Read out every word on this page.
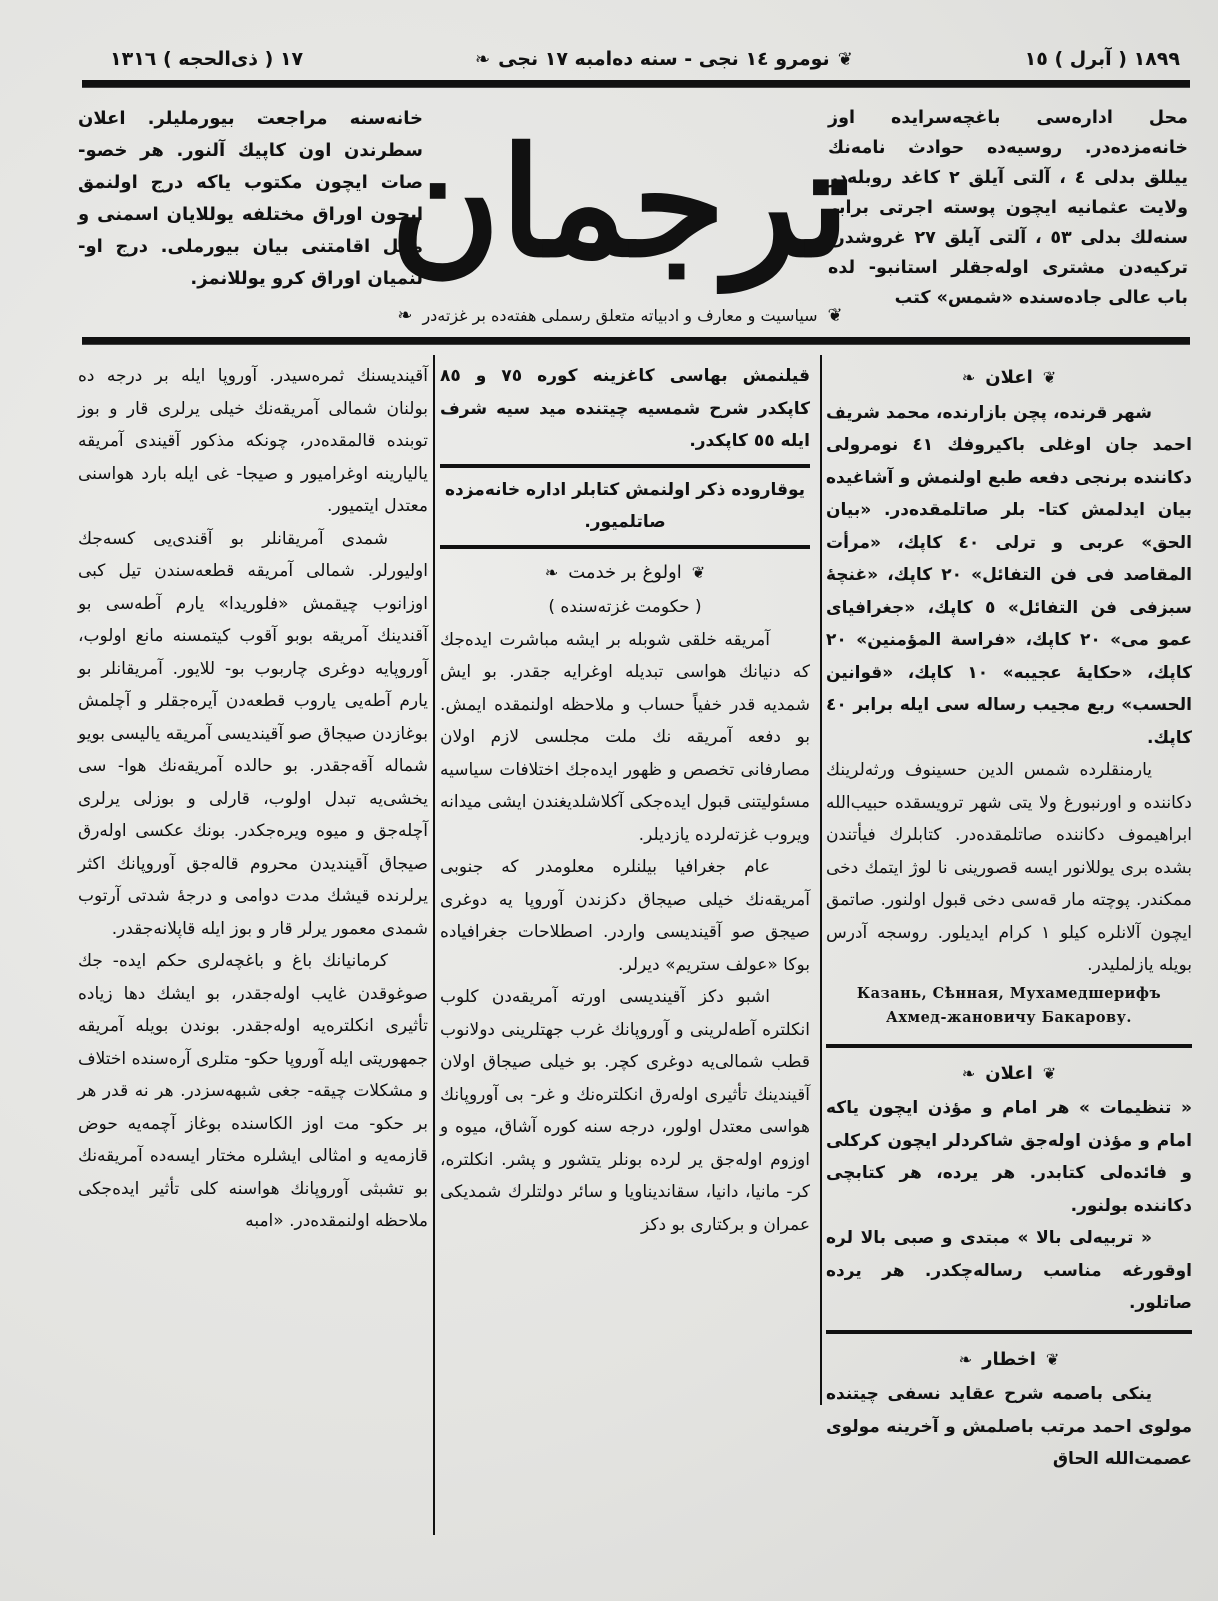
١٨٩٩ ( آبرل ) ١٥
❦
نومرو ١٤ نجی - سنه ده‌امبه ١٧ نجی
❧
١٧ ( ذی‌الحجه ) ١٣١٦
محل اداره‌سی باغچه‌سرایده اوز خانه‌مزده‌در. روسیه‌ده حوادث نامه‌نك ییللق بدلی ٤ ، آلتی آیلق ٢ کاغد روبله‌در ولایت عثمانیه ایچون پوسته اجرتی برابر سنه‌لك بدلی ٥٣ ، آلتی آیلق ٢٧ غروشدر. ترکیه‌دن مشتری اوله‌جقلر استانبو- لده باب عالی جاده‌سنده «شمس» کتب
خانه‌سنه مراجعت بیورملیلر. اعلان سطرندن اون کاپیك آلنور. هر خصو- صات ایچون مکتوب یاکه درج اولنمق ایچون اوراق مختلفه یوللایان اسمنی و محل اقامتنی بیان بیورملی. درج او- لنمیان اوراق کرو یوللانمز.
ترجمان
❦
سیاسیت و معارف و ادبیاته متعلق رسملی هفته‌ده بر غزته‌در
❧
❦
اعلان
❧

شهر قرنده، پچن بازارنده، محمد شریف احمد جان اوغلی باکیروفك ٤١ نومرولی دکاننده برنجی دفعه طبع اولنمش و آشاغیده بیان ایدلمش کتا- بلر صاتلمقده‌در. «بیان الحق» عربی و ترلی ٤٠ کاپك، «مرأت المقاصد فی فن التفائل» ٢٠ کاپك، «غنچهٔ سبزفی فن التفائل» ٥ کاپك، «جغرافیای عمو می» ٢٠ کاپك، «فراسة المؤمنین» ٢٠ کاپك، «حکایهٔ عجیبه» ١٠ کاپك، «قوانین الحسب» ربع مجیب رساله سی ایله برابر ٤٠ کاپك.

یارمنقلرده شمس الدین حسینوف ورثه‌لرینك دکاننده و اورنبورغ ولا یتی شهر ترویسقده حبیب‌الله ابراهیموف دکاننده صاتلمقده‌در. کتابلرك فیأتندن بشده بری یوللانور ایسه قصورینی نا لوژ ایتمك دخی ممکندر. پوچته مار قه‌سی دخی قبول اولنور. صاتمق ایچون آلانلره کیلو ١ کرام ایدیلور. روسجه آدرس بویله یازلملیدر.

Казань, Сѣнная, Мухамедшерифъ Ахмед-жановичу Бакарову.
❦
اعلان
❧

« تنظیمات » هر امام و مؤذن ایچون یاکه امام و مؤذن اوله‌جق شاکردلر ایچون کرکلی و فائده‌لی کتابدر. هر یرده، هر کتابچی دکاننده بولنور.

« تربیه‌لی بالا » مبتدی و صبی بالا لره اوقورغه مناسب رساله‌چکدر. هر یرده صاتلور.

❦
اخطار
❧

ینکی باصمه شرح عقاید نسفی چیتنده مولوی احمد مرتب باصلمش و آخرینه مولوی عصمت‌الله الحاق

قیلنمش بهاسی کاغزینه کوره ٧٥ و ٨٥ کاپکدر شرح شمسیه چیتنده مید سیه شرف ایله ٥٥ کاپکدر.

یوقاروده ذکر اولنمش کتابلر اداره خانه‌مزده صاتلمیور.

❦
اولوغ بر خدمت
❧

( حکومت غزته‌سنده )

آمریقه خلقی شوبله بر ایشه مباشرت ایده‌جك که دنیانك هواسی تبدیله اوغرایه جقدر. بو ایش شمدیه قدر خفیاً حساب و ملاحظه اولنمقده ایمش. بو دفعه آمریقه نك ملت مجلسی لازم اولان مصارفانی تخصص و ظهور ایده‌جك اختلافات سیاسیه مسئولیتنی قبول ایده‌جکی آکلاشلدیغندن ایشی میدانه ویروب غزته‌لرده یازدیلر.

عام جغرافیا بیلنلره معلومدر که جنوبی آمریقه‌نك خیلی صیجاق دکزندن آوروپا یه دوغری صیجق صو آقیندیسی واردر. اصطلاحات جغرافیاده بوکا «عولف ستریم» دیرلر.

اشبو دکز آقیندیسی اورته آمریقه‌دن کلوب انکلتره آطه‌لرینی و آوروپانك غرب جهتلرینی دولانوب قطب شمالی‌یه دوغری کچر. بو خیلی صیجاق اولان آقیندینك تأثیری اوله‌رق انکلتره‌نك و غر- بی آوروپانك هواسی معتدل اولور، درجه سنه کوره آشاق، میوه و اوزوم اوله‌جق یر لرده بونلر یتشور و پشر. انکلتره، کر- مانیا، دانیا، سقاندیناویا و سائر دولتلرك شمدیکی عمران و برکتاری بو دکز

آقیندیسنك ثمره‌سیدر. آوروپا ایله بر درجه ده بولنان شمالی آمریقه‌نك خیلی یرلری قار و بوز توبنده قالمقده‌در، چونکه مذکور آقیندی آمریقه یالیارینه اوغرامیور و صیجا- غی ایله بارد هواسنی معتدل ایتمیور.

شمدی آمریقانلر بو آقندی‌یی کسه‌جك اولیورلر. شمالی آمریقه قطعه‌سندن تیل کبی اوزانوب چیقمش «فلوریدا» یارم آطه‌سی بو آقندینك آمریقه بوبو آقوب کیتمسنه مانع اولوب، آوروپایه دوغری چاربوب بو- للایور. آمریقانلر بو یارم آطه‌یی یاروب قطعه‌دن آیره‌جقلر و آچلمش بوغازدن صیجاق صو آقیندیسی آمریقه یالیسی بویو شماله آقه‌جقدر. بو حالده آمریقه‌نك هوا- سی یخشی‌یه تبدل اولوب، قارلی و بوزلی یرلری آچله‌جق و میوه ویره‌جکدر. بونك عکسی اوله‌رق صیجاق آقیندیدن محروم قاله‌جق آوروپانك اکثر یرلرنده قیشك مدت دوامی و درجهٔ شدتی آرتوب شمدی معمور یرلر قار و بوز ایله قاپلانه‌جقدر.

کرمانیانك باغ و باغچه‌لری حکم ایده- جك صوغوقدن غایب اوله‌جقدر، بو ایشك دها زیاده تأثیری انکلتره‌یه اوله‌جقدر. بوندن بویله آمریقه جمهوریتی ایله آوروپا حکو- متلری آره‌سنده اختلاف و مشکلات چیقه- جغی شبهه‌سزدر. هر نه قدر هر بر حکو- مت اوز الکاسنده بوغاز آچمه‌یه حوض قازمه‌یه و امثالی ایشلره مختار ایسه‌ده آمریقه‌نك بو تشبثی آوروپانك هواسنه کلی تأثیر ایده‌جکی ملاحظه اولنمقده‌در. «امبه
